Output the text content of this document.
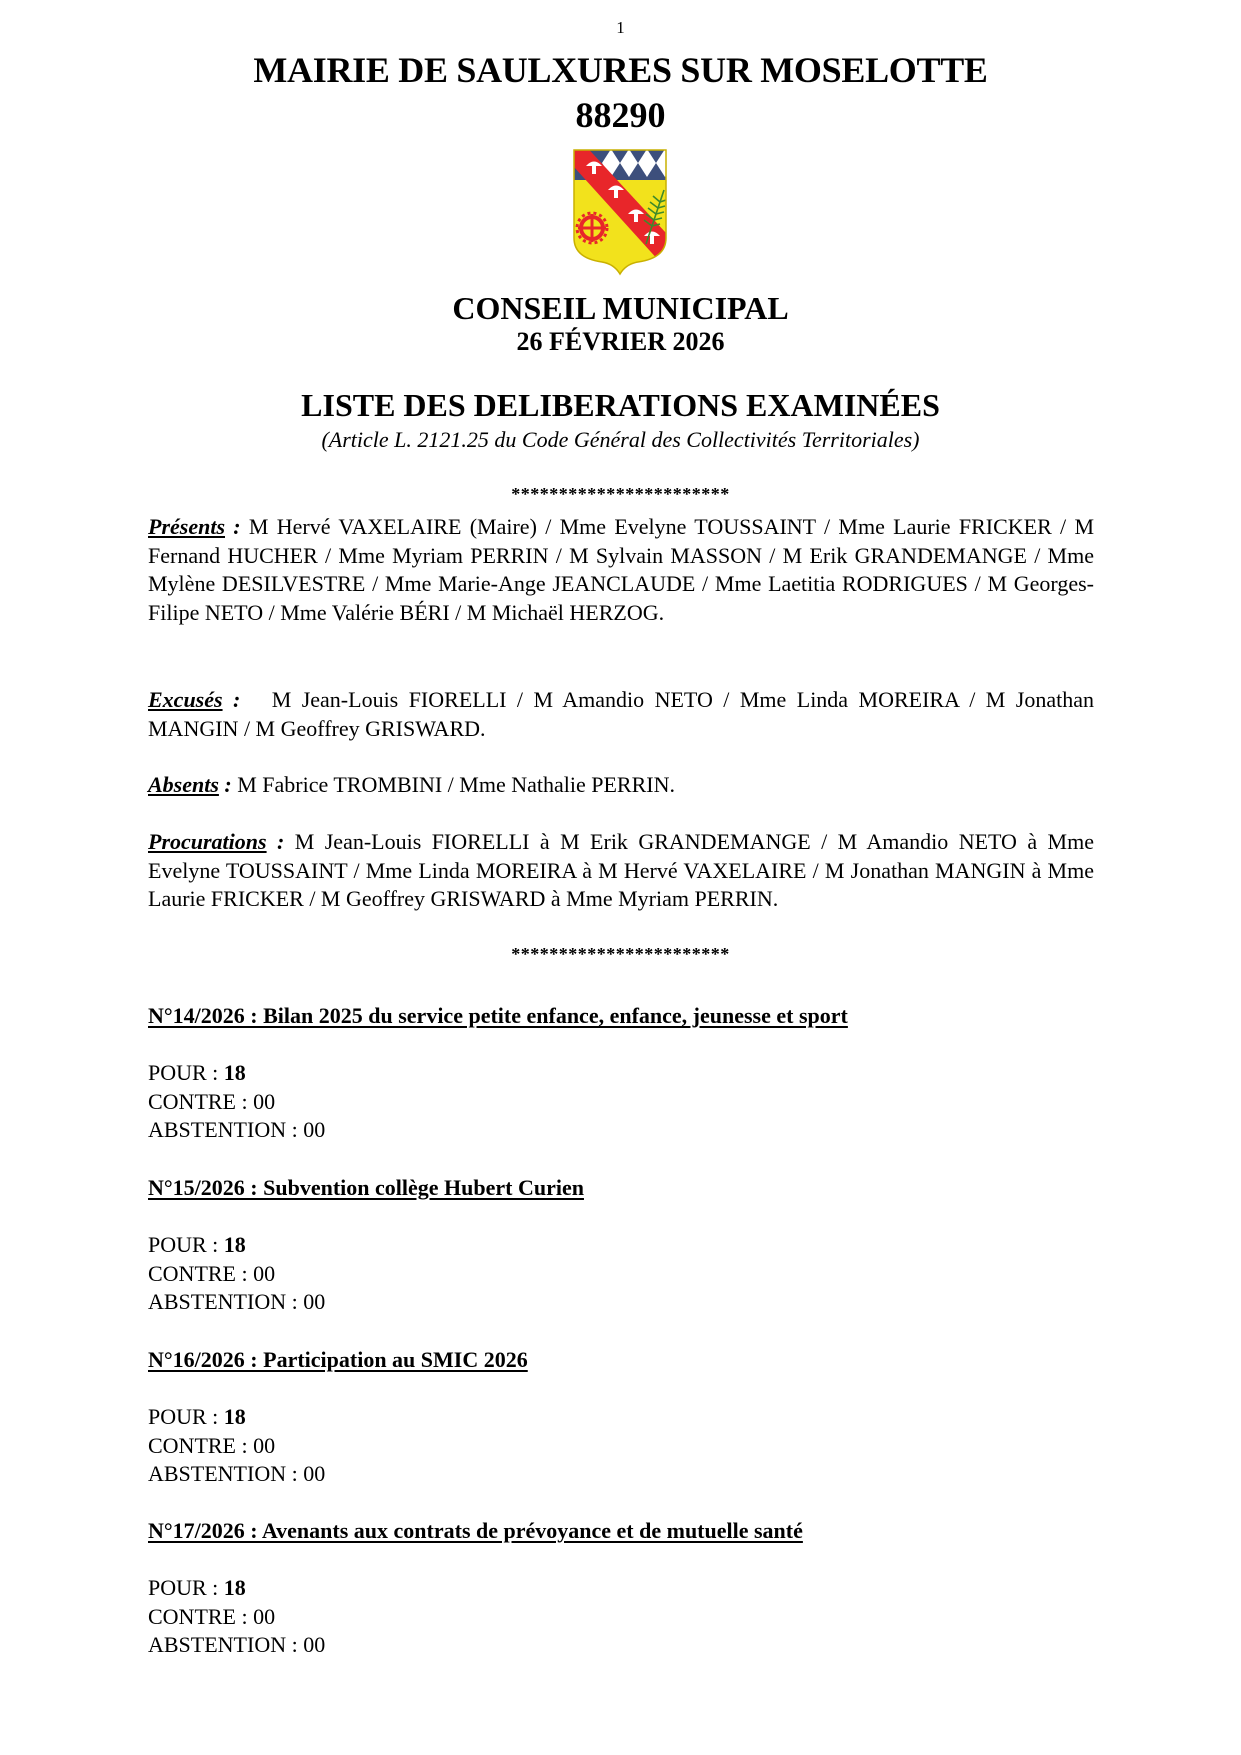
1
MAIRIE DE SAULXURES SUR MOSELOTTE
88290
CONSEIL MUNICIPAL
26 FÉVRIER 2026
LISTE DES DELIBERATIONS EXAMINÉES
(Article L. 2121.25 du Code Général des Collectivités Territoriales)
***********************
Présents : M Hervé VAXELAIRE (Maire) / Mme Evelyne TOUSSAINT / Mme Laurie FRICKER / M Fernand HUCHER / Mme Myriam PERRIN / M Sylvain MASSON / M Erik GRANDEMANGE / Mme Mylène DESILVESTRE / Mme Marie-Ange JEANCLAUDE / Mme Laetitia RODRIGUES / M Georges-Filipe NETO / Mme Valérie BÉRI / M Michaël HERZOG.
Excusés :   M Jean-Louis FIORELLI / M Amandio NETO / Mme Linda MOREIRA / M Jonathan MANGIN / M Geoffrey GRISWARD.
Absents : M Fabrice TROMBINI / Mme Nathalie PERRIN.
Procurations : M Jean-Louis FIORELLI à M Erik GRANDEMANGE / M Amandio NETO à Mme Evelyne TOUSSAINT / Mme Linda MOREIRA à M Hervé VAXELAIRE / M Jonathan MANGIN à Mme Laurie FRICKER / M Geoffrey GRISWARD à Mme Myriam PERRIN.
***********************
N°14/2026 : Bilan 2025 du service petite enfance, enfance, jeunesse et sport
POUR : 18
CONTRE : 00
ABSTENTION : 00
N°15/2026 : Subvention collège Hubert Curien
POUR : 18
CONTRE : 00
ABSTENTION : 00
N°16/2026 : Participation au SMIC 2026
POUR : 18
CONTRE : 00
ABSTENTION : 00
N°17/2026 : Avenants aux contrats de prévoyance et de mutuelle santé
POUR : 18
CONTRE : 00
ABSTENTION : 00
